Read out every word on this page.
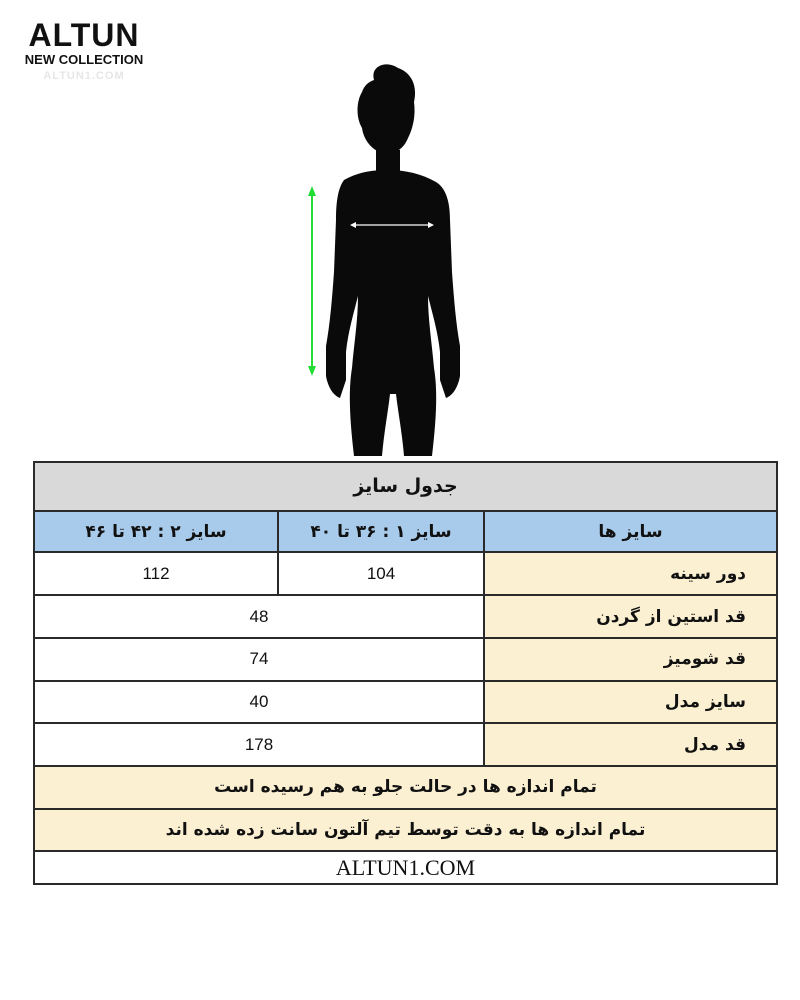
ALTUN
NEW COLLECTION
ALTUN1.COM
جدول سایز		
سایز ها	سایز ۱ : ۳۶ تا ۴۰	سایز ۲ : ۴۲ تا ۴۶
دور سینه	104	112
قد استین از گردن	48	
قد شومیز	74	
سایز مدل	40	
قد مدل	178	
تمام اندازه ها در حالت جلو به هم رسیده است		
تمام اندازه ها به دقت توسط تیم آلتون سانت زده شده اند		
ALTUN1.COM		
